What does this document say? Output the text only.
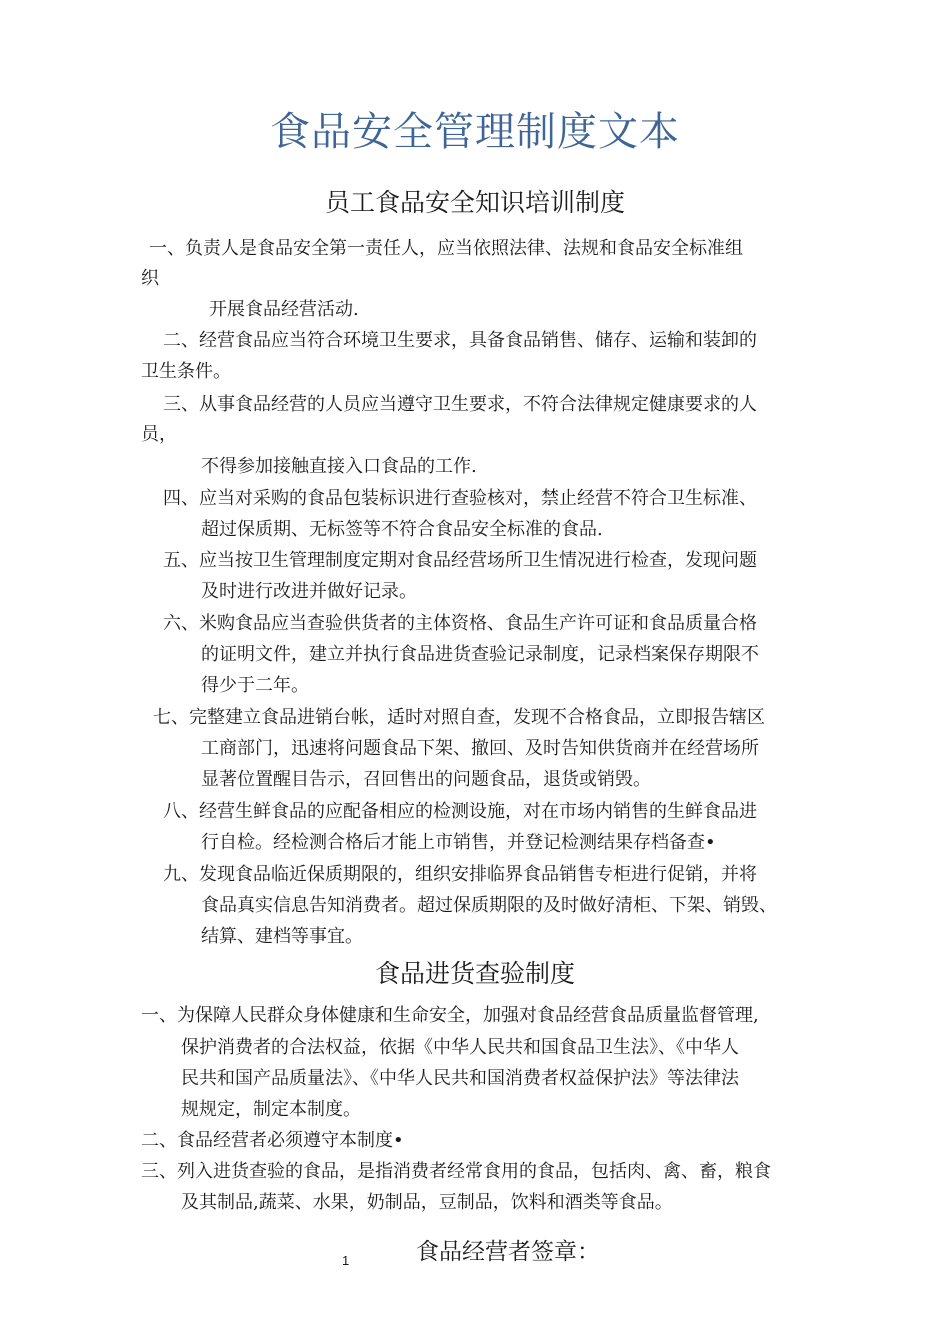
食品安全管理制度文本
员工食品安全知识培训制度
一、负责人是食品安全第一责任人，应当依照法律、法规和食品安全标准组
织
开展食品经营活动.
二、经营食品应当符合环境卫生要求，具备食品销售、储存、运输和装卸的
卫生条件。
三、从事食品经营的人员应当遵守卫生要求，不符合法律规定健康要求的人
员，
不得参加接触直接入口食品的工作.
四、应当对采购的食品包装标识进行查验核对，禁止经营不符合卫生标准、
超过保质期、无标签等不符合食品安全标准的食品.
五、应当按卫生管理制度定期对食品经营场所卫生情况进行检查，发现问题
及时进行改进并做好记录。
六、米购食品应当查验供货者的主体资格、食品生产许可证和食品质量合格
的证明文件，建立并执行食品进货查验记录制度，记录档案保存期限不
得少于二年。
七、完整建立食品进销台帐，适时对照自查，发现不合格食品，立即报告辖区
工商部门，迅速将问题食品下架、撤回、及时告知供货商并在经营场所
显著位置醒目告示，召回售出的问题食品，退货或销毁。
八、经营生鲜食品的应配备相应的检测设施，对在市场内销售的生鲜食品进
行自检。经检测合格后才能上市销售，并登记检测结果存档备查•
九、发现食品临近保质期限的，组织安排临界食品销售专柜进行促销，并将
食品真实信息告知消费者。超过保质期限的及时做好清柜、下架、销毁、
结算、建档等事宜。
食品进货查验制度
一、为保障人民群众身体健康和生命安全，加强对食品经营食品质量监督管理,
保护消费者的合法权益，依据《中华人民共和国食品卫生法》、《中华人
民共和国产品质量法》、《中华人民共和国消费者权益保护法》等法律法
规规定，制定本制度。
二、食品经营者必须遵守本制度•
三、列入进货查验的食品，是指消费者经常食用的食品，包括肉、禽、畜，粮食
及其制品,蔬菜、水果，奶制品，豆制品，饮料和酒类等食品。
1	食品经营者签章：
